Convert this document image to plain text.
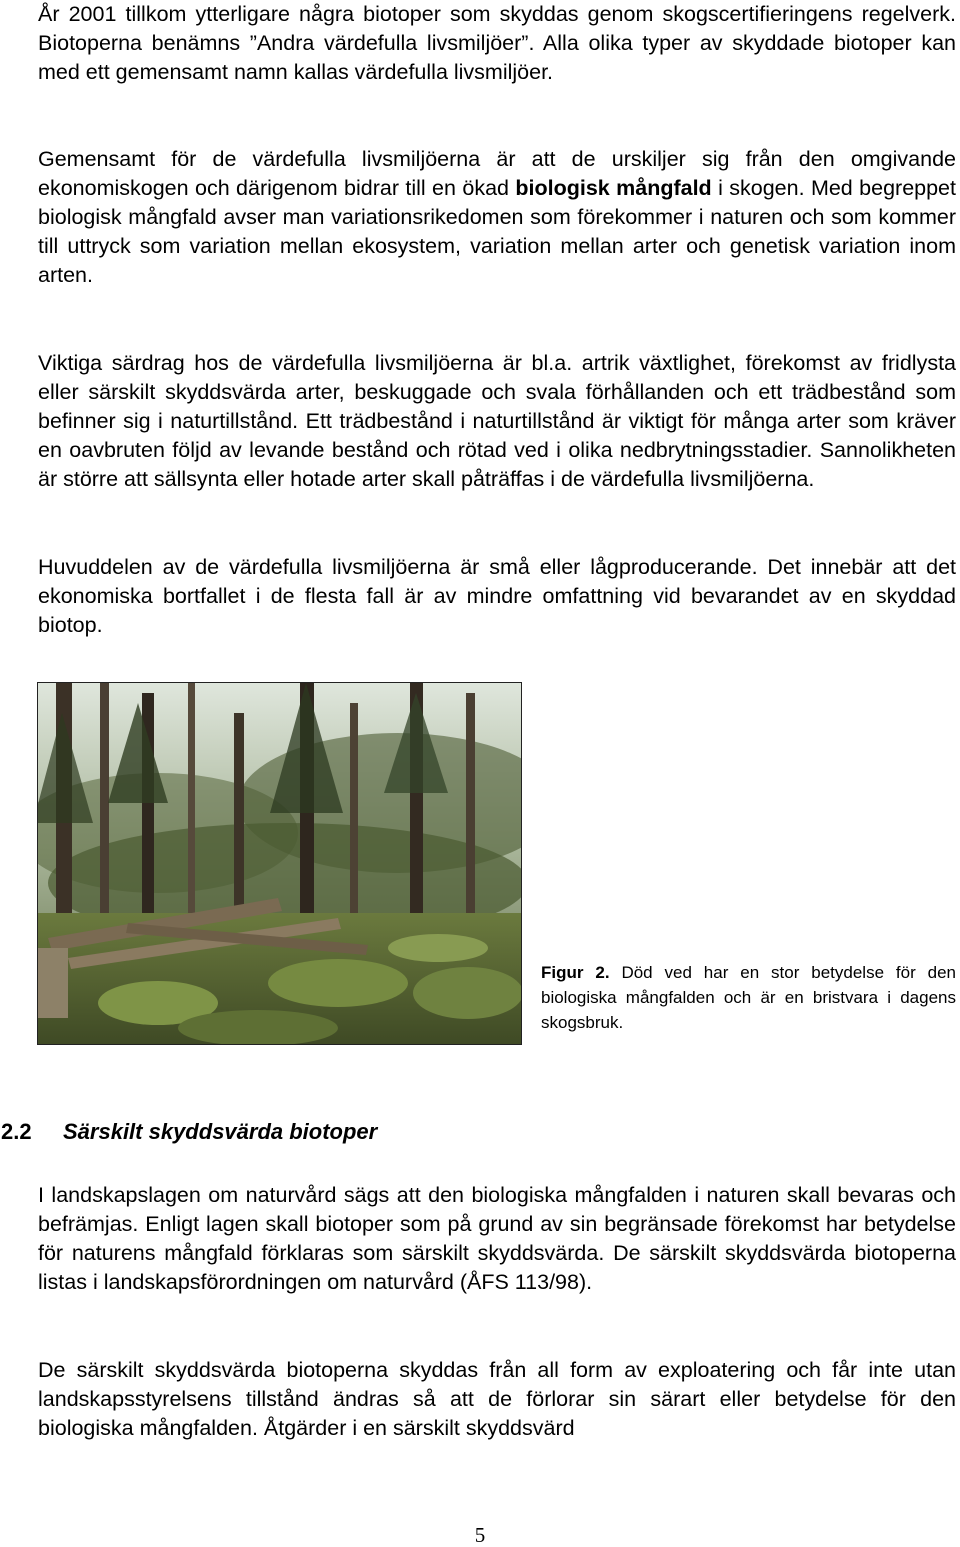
År 2001 tillkom ytterligare några biotoper som skyddas genom skogscertifieringens regelverk. Biotoperna benämns ”Andra värdefulla livsmiljöer”. Alla olika typer av skyddade biotoper kan med ett gemensamt namn kallas värdefulla livsmiljöer.

Gemensamt för de värdefulla livsmiljöerna är att de urskiljer sig från den omgivande ekonomiskogen och därigenom bidrar till en ökad biologisk mångfald i skogen. Med begreppet biologisk mångfald avser man variationsrikedomen som förekommer i naturen och som kommer till uttryck som variation mellan ekosystem, variation mellan arter och genetisk variation inom arten.

Viktiga särdrag hos de värdefulla livsmiljöerna är bl.a. artrik växtlighet, förekomst av fridlysta eller särskilt skyddsvärda arter, beskuggade och svala förhållanden och ett trädbestånd som befinner sig i naturtillstånd. Ett trädbestånd i naturtillstånd är viktigt för många arter som kräver en oavbruten följd av levande bestånd och rötad ved i olika nedbrytningsstadier. Sannolikheten är större att sällsynta eller hotade arter skall påträffas i de värdefulla livsmiljöerna.

Huvuddelen av de värdefulla livsmiljöerna är små eller lågproducerande. Det innebär att det ekonomiska bortfallet i de flesta fall är av mindre omfattning vid bevarandet av en skyddad biotop.

Figur 2. Död ved har en stor betydelse för den biologiska mångfalden och är en bristvara i dagens skogsbruk.

2.2 Särskilt skyddsvärda biotoper

I landskapslagen om naturvård sägs att den biologiska mångfalden i naturen skall bevaras och befrämjas. Enligt lagen skall biotoper som på grund av sin begränsade förekomst har betydelse för naturens mångfald förklaras som särskilt skyddsvärda. De särskilt skyddsvärda biotoperna listas i landskapsförordningen om naturvård (ÅFS 113/98).

De särskilt skyddsvärda biotoperna skyddas från all form av exploatering och får inte utan landskapsstyrelsens tillstånd ändras så att de förlorar sin särart eller betydelse för den biologiska mångfalden. Åtgärder i en särskilt skyddsvärd

5
